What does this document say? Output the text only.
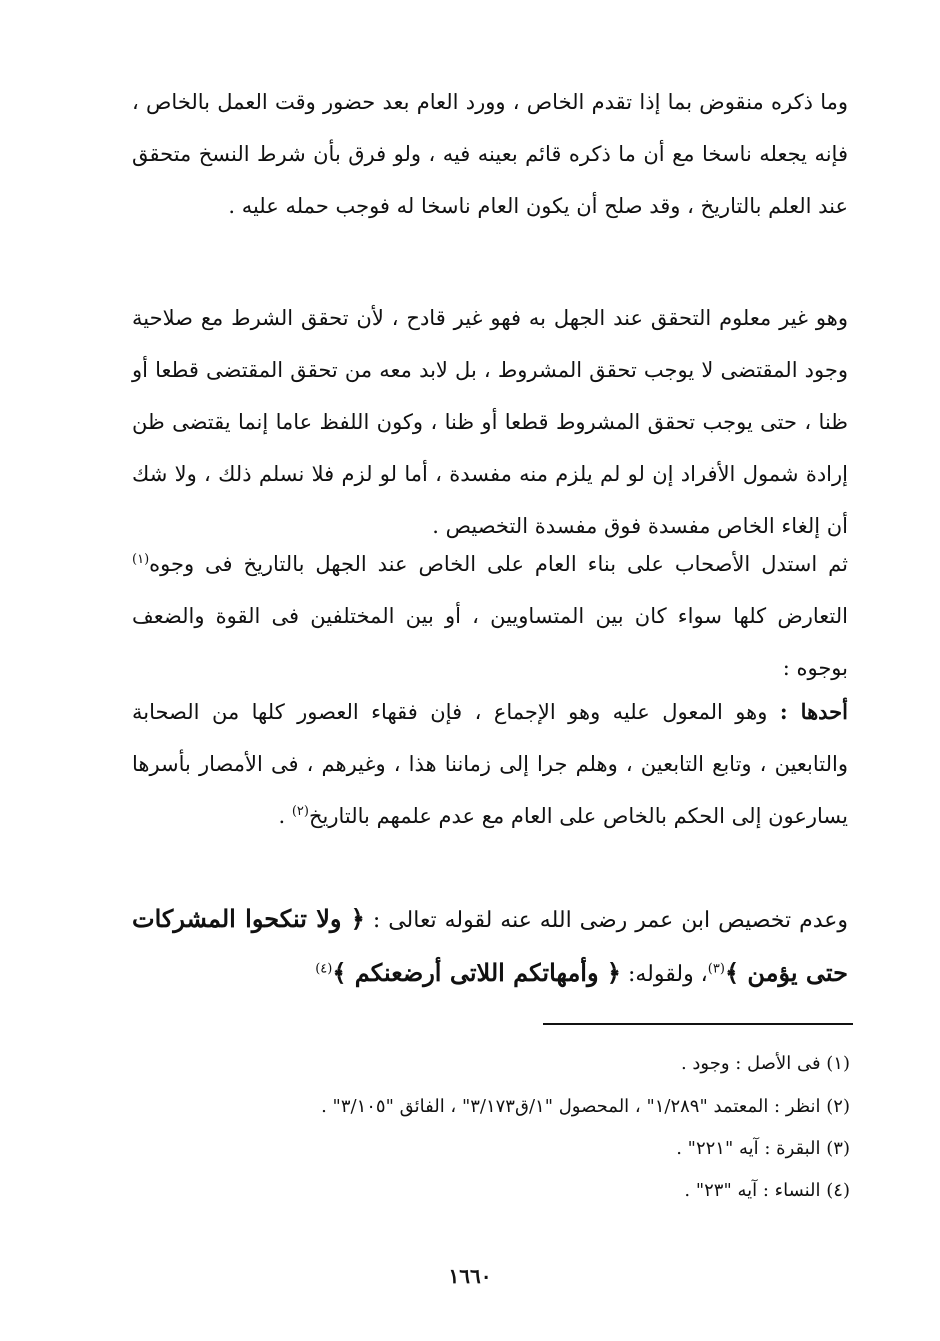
وما ذكره منقوض بما إذا تقدم الخاص ، وورد العام بعد حضور وقت العمل بالخاص ، فإنه يجعله ناسخا مع أن ما ذكره قائم بعينه فيه ، ولو فرق بأن شرط النسخ متحقق عند العلم بالتاريخ ، وقد صلح أن يكون العام ناسخا له فوجب حمله عليه .

وهو غير معلوم التحقق عند الجهل به فهو غير قادح ، لأن تحقق الشرط مع صلاحية وجود المقتضى لا يوجب تحقق المشروط ، بل لابد معه من تحقق المقتضى قطعا أو ظنا ، حتى يوجب تحقق المشروط قطعا أو ظنا ، وكون اللفظ عاما إنما يقتضى ظن إرادة شمول الأفراد إن لو لم يلزم منه مفسدة ، أما لو لزم فلا نسلم ذلك ، ولا شك أن إلغاء الخاص مفسدة فوق مفسدة التخصيص .

ثم استدل الأصحاب على بناء العام على الخاص عند الجهل بالتاريخ فى وجوه$^{(١)}$ التعارض كلها سواء كان بين المتساويين ، أو بين المختلفين فى القوة والضعف بوجوه :

أحدها : وهو المعول عليه وهو الإجماع ، فإن فقهاء العصور كلها من الصحابة والتابعين ، وتابع التابعين ، وهلم جرا إلى زماننا هذا ، وغيرهم ، فى الأمصار بأسرها يسارعون إلى الحكم بالخاص على العام مع عدم علمهم بالتاريخ$^{(٢)}$ .

وعدم تخصيص ابن عمر رضى الله عنه لقوله تعالى : ﴿ ولا تنكحوا المشركات حتى يؤمن ﴾$^{(٣)}$، ولقوله: ﴿ وأمهاتكم اللاتى أرضعنكم ﴾$^{(٤)}$

(١) فى الأصل : وجود .
(٢) انظر : المعتمد "١/٢٨٩" ، المحصول "١/ق٣/١٧٣" ، الفائق "٣/١٠٥" .
(٣) البقرة : آيه "٢٢١" .
(٤) النساء : آيه "٢٣" .
١٦٦٠
